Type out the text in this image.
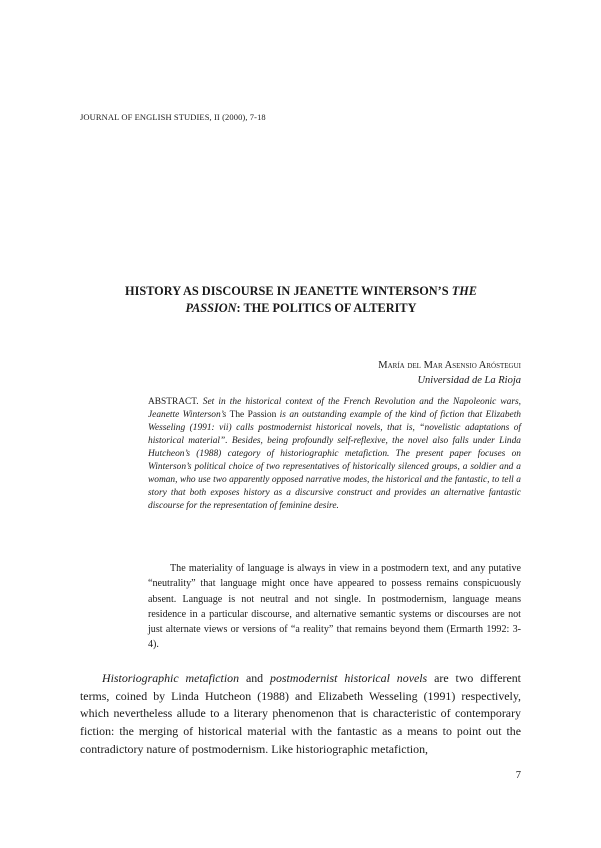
JOURNAL OF ENGLISH STUDIES, II (2000), 7-18
HISTORY AS DISCOURSE IN JEANETTE WINTERSON’S THE PASSION: THE POLITICS OF ALTERITY
María del Mar Asensio Aróstegui
Universidad de La Rioja
ABSTRACT. Set in the historical context of the French Revolution and the Napoleonic wars, Jeanette Winterson’s The Passion is an outstanding example of the kind of fiction that Elizabeth Wesseling (1991: vii) calls postmodernist historical novels, that is, “novelistic adaptations of historical material”. Besides, being profoundly self-reflexive, the novel also falls under Linda Hutcheon’s (1988) category of historiographic metafiction. The present paper focuses on Winterson’s political choice of two representatives of historically silenced groups, a soldier and a woman, who use two apparently opposed narrative modes, the historical and the fantastic, to tell a story that both exposes history as a discursive construct and provides an alternative fantastic discourse for the representation of feminine desire.
The materiality of language is always in view in a postmodern text, and any putative “neutrality” that language might once have appeared to possess remains conspicuously absent. Language is not neutral and not single. In postmodernism, language means residence in a particular discourse, and alternative semantic systems or discourses are not just alternate views or versions of “a reality” that remains beyond them (Ermarth 1992: 3-4).
Historiographic metafiction and postmodernist historical novels are two different terms, coined by Linda Hutcheon (1988) and Elizabeth Wesseling (1991) respectively, which nevertheless allude to a literary phenomenon that is characteristic of contemporary fiction: the merging of historical material with the fantastic as a means to point out the contradictory nature of postmodernism. Like historiographic metafiction,
7
